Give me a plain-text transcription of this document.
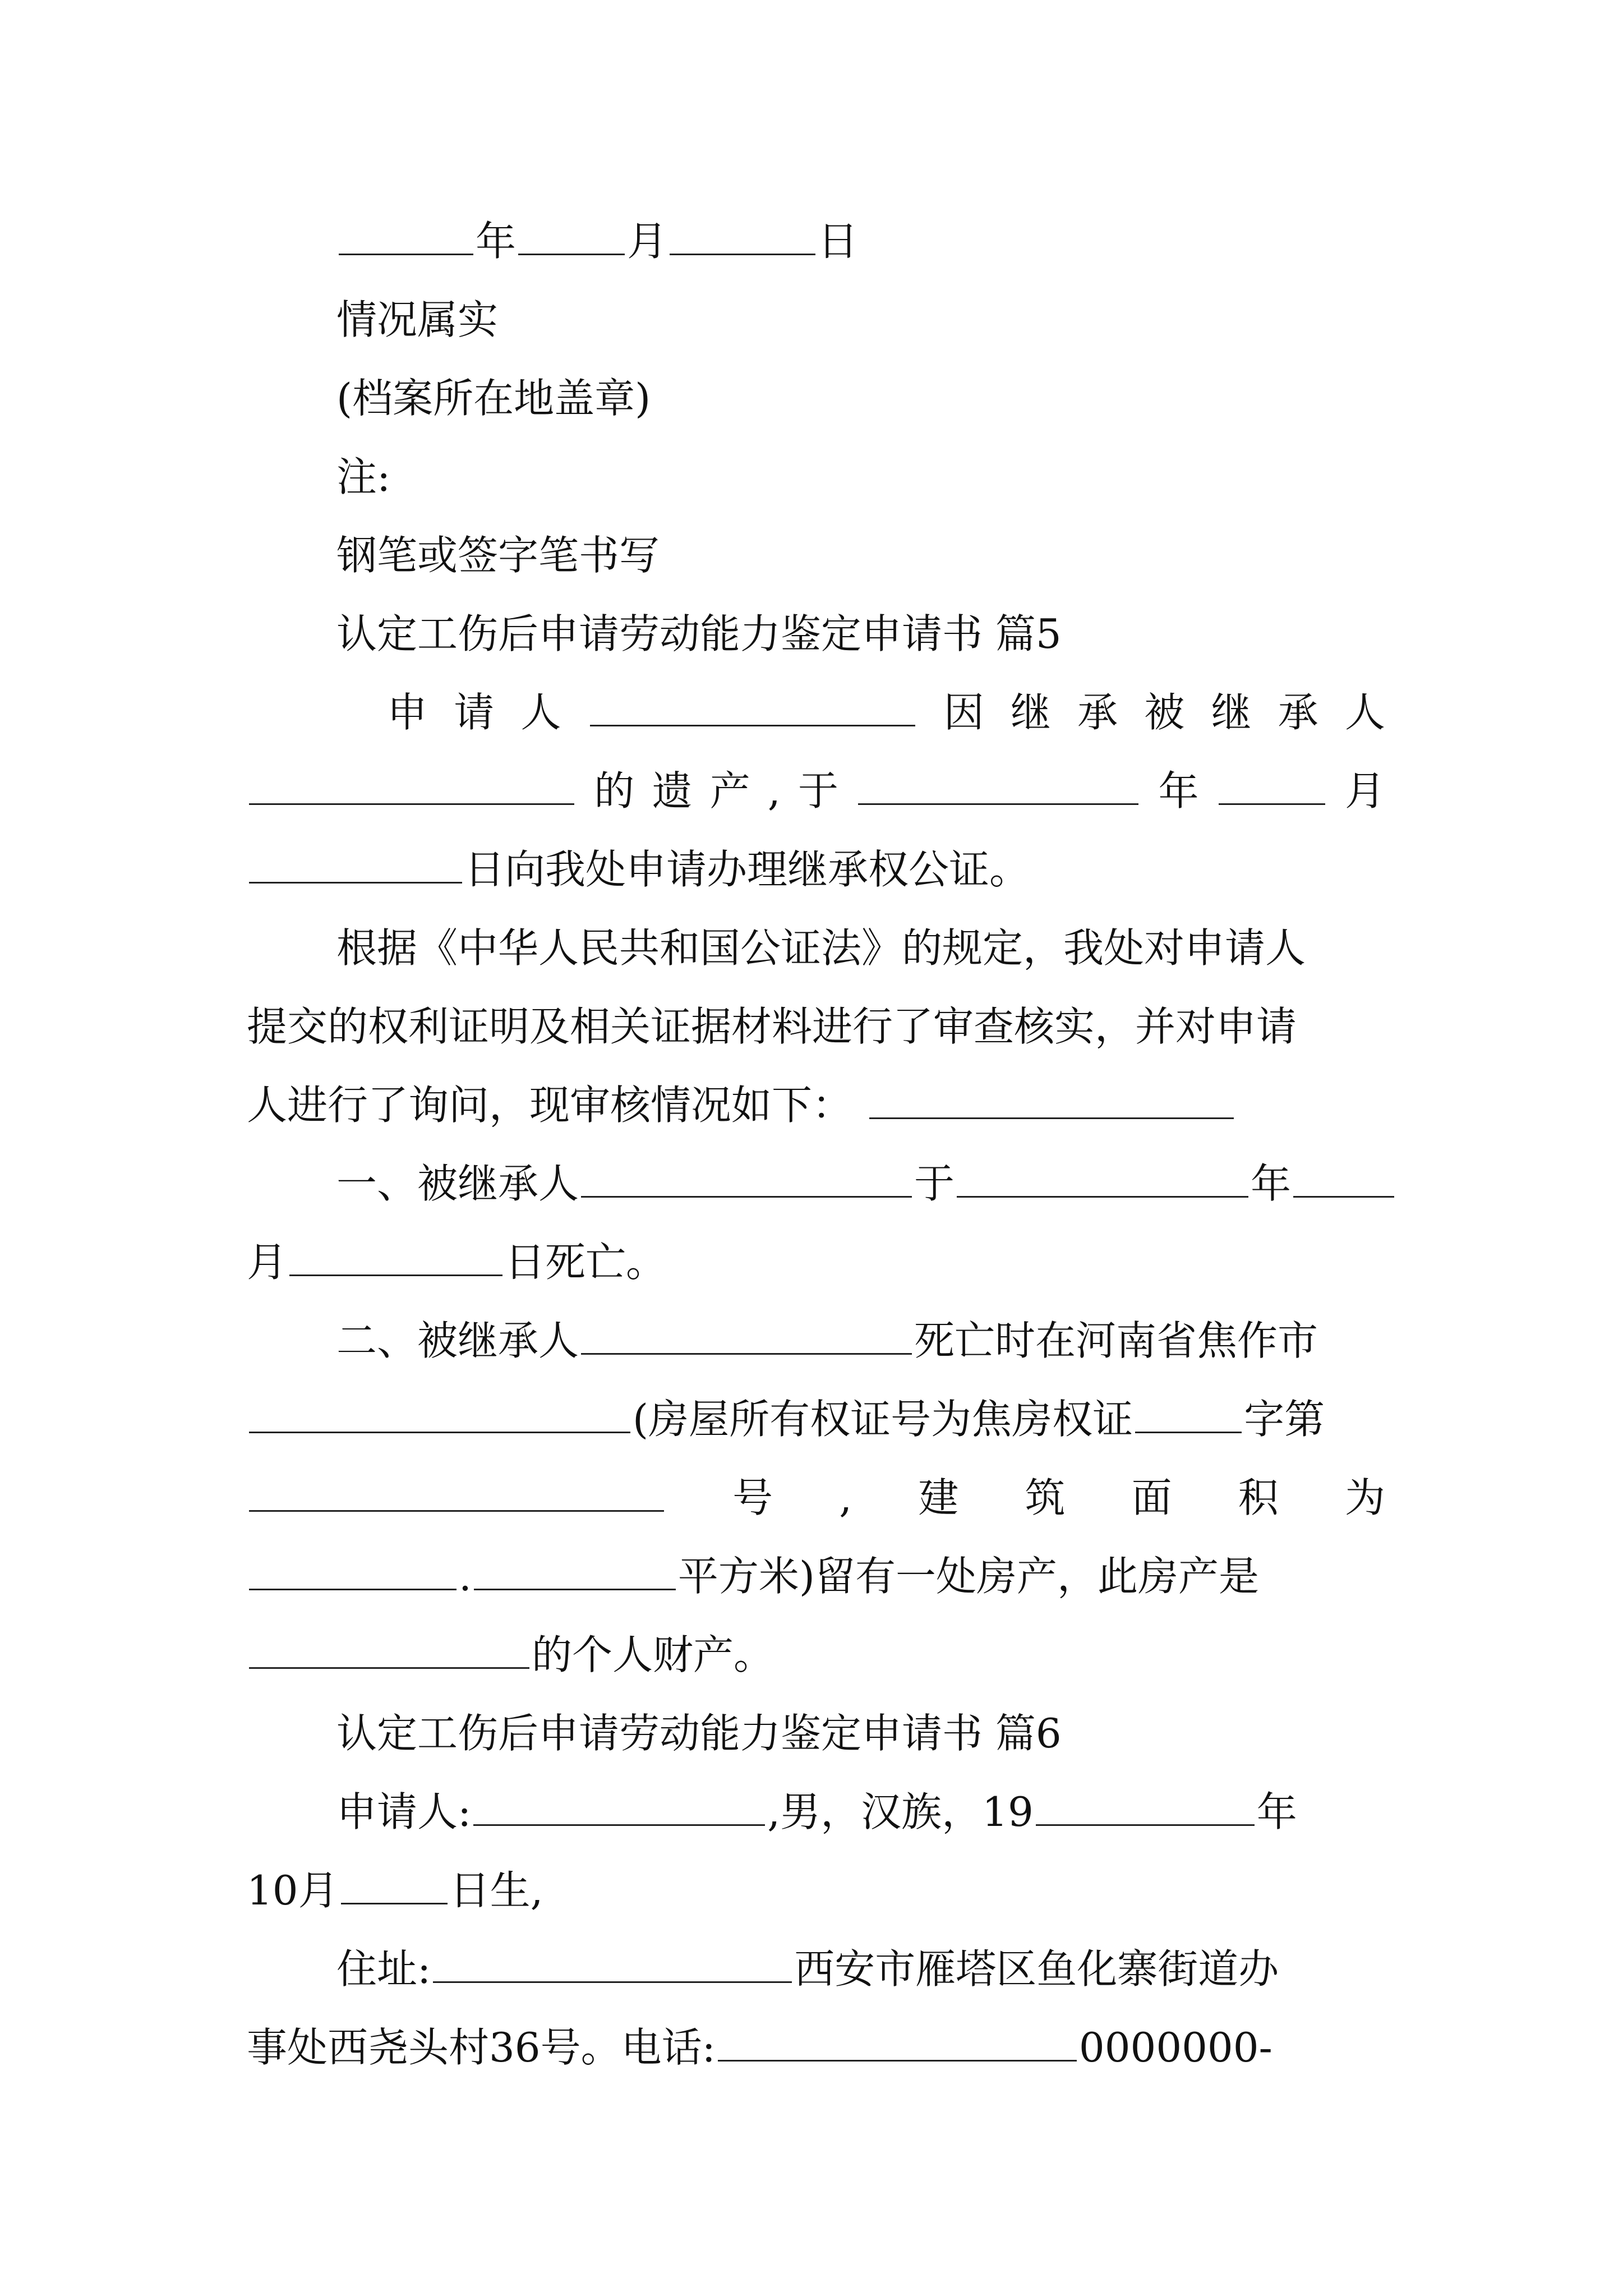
年	月	日
情况属实
(档案所在地盖章)
注:
钢笔或签字笔书写
认定工伤后申请劳动能力鉴定申请书 篇5
申 请 人	因 继 承 被 继 承 人
的 遗 产 , 于	年	月
日向我处申请办理继承权公证。
根据《中华人民共和国公证法》的规定，我处对申请人
提交的权利证明及相关证据材料进行了审查核实，并对申请
人进行了询问，现审核情况如下：
一、被继承人	于	年
月	日死亡。
二、被继承人	死亡时在河南省焦作市
(房屋所有权证号为焦房权证	字第
号 , 建 筑 面 积 为
.	平方米)留有一处房产，此房产是
的个人财产。
认定工伤后申请劳动能力鉴定申请书 篇6
申请人:	,男，汉族，19	年
10月	日生,
住址:	西安市雁塔区鱼化寨街道办
事处西尧头村36号。电话:	0000000-
